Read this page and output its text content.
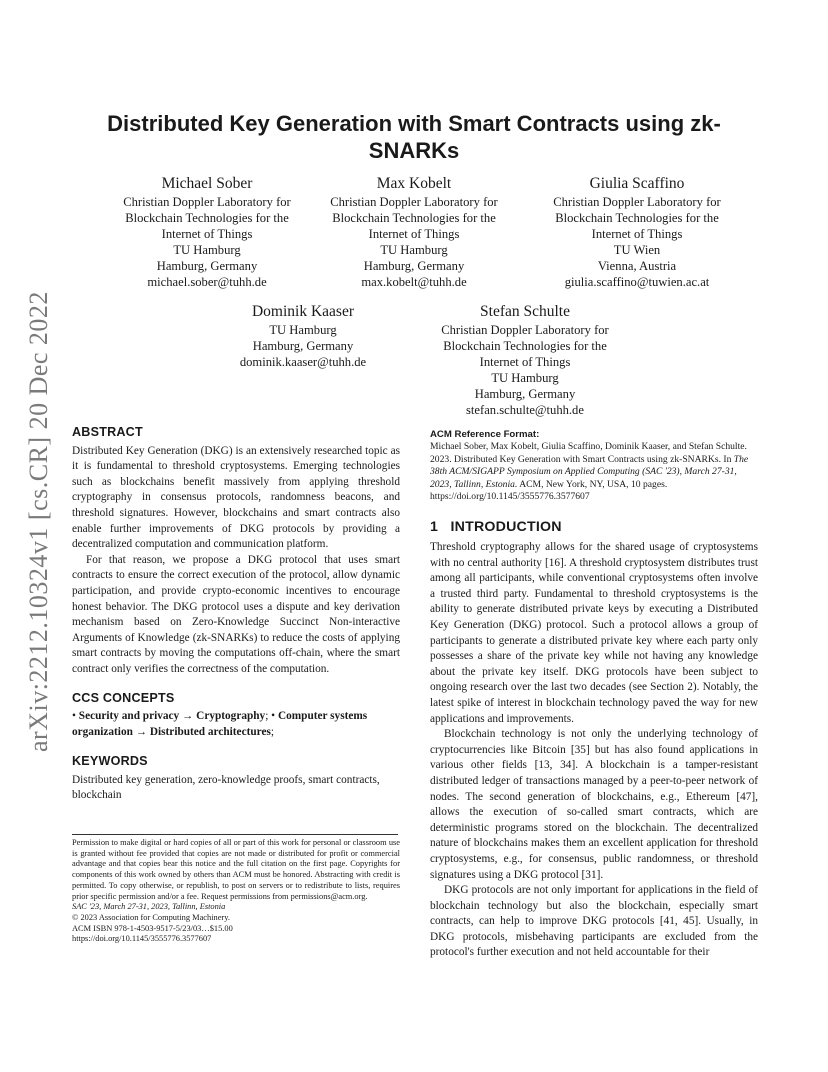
arXiv:2212.10324v1 [cs.CR] 20 Dec 2022
Distributed Key Generation with Smart Contracts using zk-SNARKs
Michael Sober
Christian Doppler Laboratory for
Blockchain Technologies for the
Internet of Things
TU Hamburg
Hamburg, Germany
michael.sober@tuhh.de
Max Kobelt
Christian Doppler Laboratory for
Blockchain Technologies for the
Internet of Things
TU Hamburg
Hamburg, Germany
max.kobelt@tuhh.de
Giulia Scaffino
Christian Doppler Laboratory for
Blockchain Technologies for the
Internet of Things
TU Wien
Vienna, Austria
giulia.scaffino@tuwien.ac.at
Dominik Kaaser
TU Hamburg
Hamburg, Germany
dominik.kaaser@tuhh.de
Stefan Schulte
Christian Doppler Laboratory for
Blockchain Technologies for the
Internet of Things
TU Hamburg
Hamburg, Germany
stefan.schulte@tuhh.de
ABSTRACT

Distributed Key Generation (DKG) is an extensively researched topic as it is fundamental to threshold cryptosystems. Emerging technologies such as blockchains benefit massively from applying threshold cryptography in consensus protocols, randomness beacons, and threshold signatures. However, blockchains and smart contracts also enable further improvements of DKG protocols by providing a decentralized computation and communication platform.

For that reason, we propose a DKG protocol that uses smart contracts to ensure the correct execution of the protocol, allow dynamic participation, and provide crypto-economic incentives to encourage honest behavior. The DKG protocol uses a dispute and key derivation mechanism based on Zero-Knowledge Succinct Non-interactive Arguments of Knowledge (zk-SNARKs) to reduce the costs of applying smart contracts by moving the computations off-chain, where the smart contract only verifies the correctness of the computation.

CCS CONCEPTS

• Security and privacy → Cryptography; • Computer systems organization → Distributed architectures;

KEYWORDS

Distributed key generation, zero-knowledge proofs, smart contracts, blockchain

Permission to make digital or hard copies of all or part of this work for personal or classroom use is granted without fee provided that copies are not made or distributed for profit or commercial advantage and that copies bear this notice and the full citation on the first page. Copyrights for components of this work owned by others than ACM must be honored. Abstracting with credit is permitted. To copy otherwise, or republish, to post on servers or to redistribute to lists, requires prior specific permission and/or a fee. Request permissions from permissions@acm.org.

SAC '23, March 27-31, 2023, Tallinn, Estonia

© 2023 Association for Computing Machinery.

ACM ISBN 978-1-4503-9517-5/23/03…$15.00

https://doi.org/10.1145/3555776.3577607

ACM Reference Format:

Michael Sober, Max Kobelt, Giulia Scaffino, Dominik Kaaser, and Stefan Schulte. 2023. Distributed Key Generation with Smart Contracts using zk-SNARKs. In The 38th ACM/SIGAPP Symposium on Applied Computing (SAC '23), March 27-31, 2023, Tallinn, Estonia. ACM, New York, NY, USA, 10 pages. https://doi.org/10.1145/3555776.3577607

1   INTRODUCTION

Threshold cryptography allows for the shared usage of cryptosystems with no central authority [16]. A threshold cryptosystem distributes trust among all participants, while conventional cryptosystems often involve a trusted third party. Fundamental to threshold cryptosystems is the ability to generate distributed private keys by executing a Distributed Key Generation (DKG) protocol. Such a protocol allows a group of participants to generate a distributed private key where each party only possesses a share of the private key while not having any knowledge about the private key itself. DKG protocols have been subject to ongoing research over the last two decades (see Section 2). Notably, the latest spike of interest in blockchain technology paved the way for new applications and improvements.

Blockchain technology is not only the underlying technology of cryptocurrencies like Bitcoin [35] but has also found applications in various other fields [13, 34]. A blockchain is a tamper-resistant distributed ledger of transactions managed by a peer-to-peer network of nodes. The second generation of blockchains, e.g., Ethereum [47], allows the execution of so-called smart contracts, which are deterministic programs stored on the blockchain. The decentralized nature of blockchains makes them an excellent application for threshold cryptosystems, e.g., for consensus, public randomness, or threshold signatures using a DKG protocol [31].

DKG protocols are not only important for applications in the field of blockchain technology but also the blockchain, especially smart contracts, can help to improve DKG protocols [41, 45]. Usually, in DKG protocols, misbehaving participants are excluded from the protocol's further execution and not held accountable for their
